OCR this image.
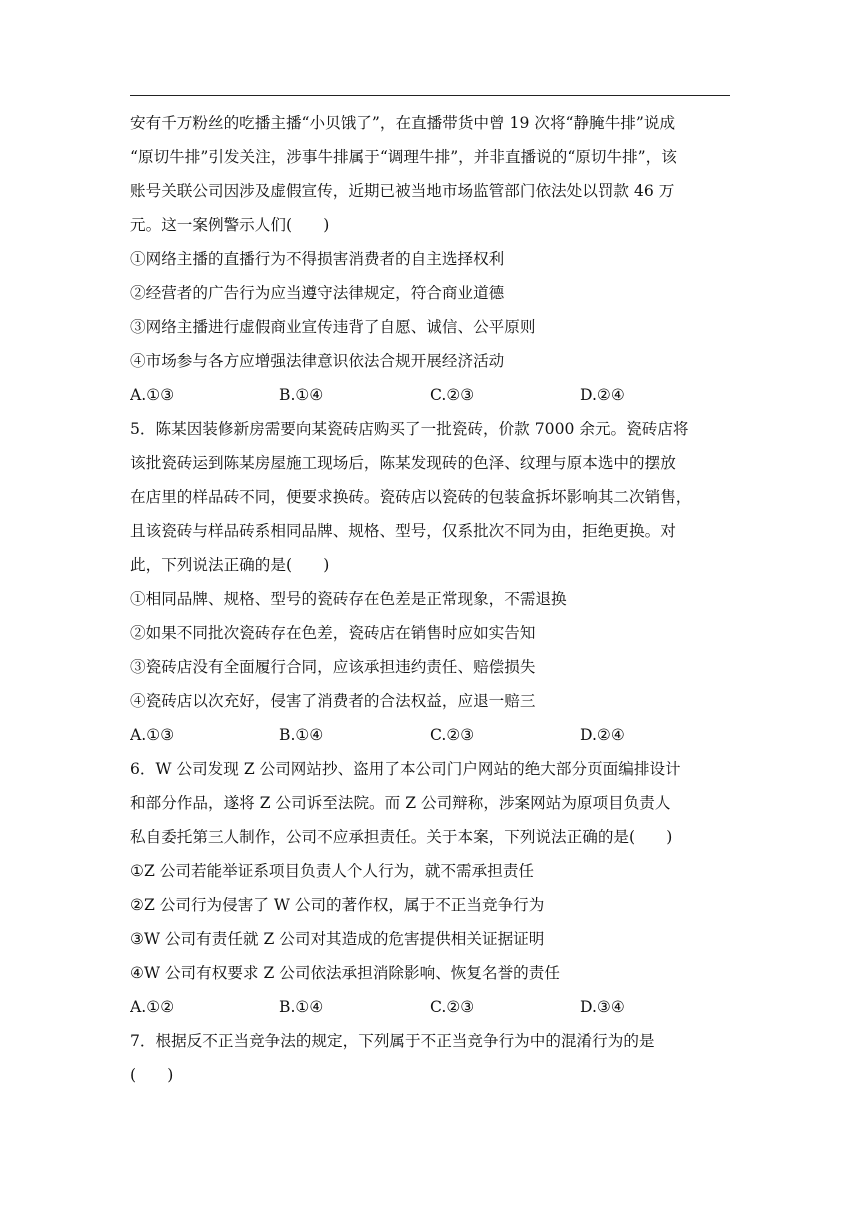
安有千万粉丝的吃播主播“小贝饿了”，在直播带货中曾 19 次将“静腌牛排”说成
“原切牛排”引发关注，涉事牛排属于“调理牛排”，并非直播说的“原切牛排”，该
账号关联公司因涉及虚假宣传，近期已被当地市场监管部门依法处以罚款 46 万
元。这一案例警示人们(　　)
①网络主播的直播行为不得损害消费者的自主选择权利
②经营者的广告行为应当遵守法律规定，符合商业道德
③网络主播进行虚假商业宣传违背了自愿、诚信、公平原则
④市场参与各方应增强法律意识依法合规开展经济活动
A.①③	B.①④	C.②③	D.②④
5．陈某因装修新房需要向某瓷砖店购买了一批瓷砖，价款 7000 余元。瓷砖店将
该批瓷砖运到陈某房屋施工现场后，陈某发现砖的色泽、纹理与原本选中的摆放
在店里的样品砖不同，便要求换砖。瓷砖店以瓷砖的包装盒拆坏影响其二次销售，
且该瓷砖与样品砖系相同品牌、规格、型号，仅系批次不同为由，拒绝更换。对
此，下列说法正确的是(　　)
①相同品牌、规格、型号的瓷砖存在色差是正常现象，不需退换
②如果不同批次瓷砖存在色差，瓷砖店在销售时应如实告知
③瓷砖店没有全面履行合同，应该承担违约责任、赔偿损失
④瓷砖店以次充好，侵害了消费者的合法权益，应退一赔三
A.①③	B.①④	C.②③	D.②④
6．W 公司发现 Z 公司网站抄、盗用了本公司门户网站的绝大部分页面编排设计
和部分作品，遂将 Z 公司诉至法院。而 Z 公司辩称，涉案网站为原项目负责人
私自委托第三人制作，公司不应承担责任。关于本案，下列说法正确的是(　　)
①Z 公司若能举证系项目负责人个人行为，就不需承担责任
②Z 公司行为侵害了 W 公司的著作权，属于不正当竞争行为
③W 公司有责任就 Z 公司对其造成的危害提供相关证据证明
④W 公司有权要求 Z 公司依法承担消除影响、恢复名誉的责任
A.①②	B.①④	C.②③	D.③④
7．根据反不正当竞争法的规定，下列属于不正当竞争行为中的混淆行为的是
(　　)
